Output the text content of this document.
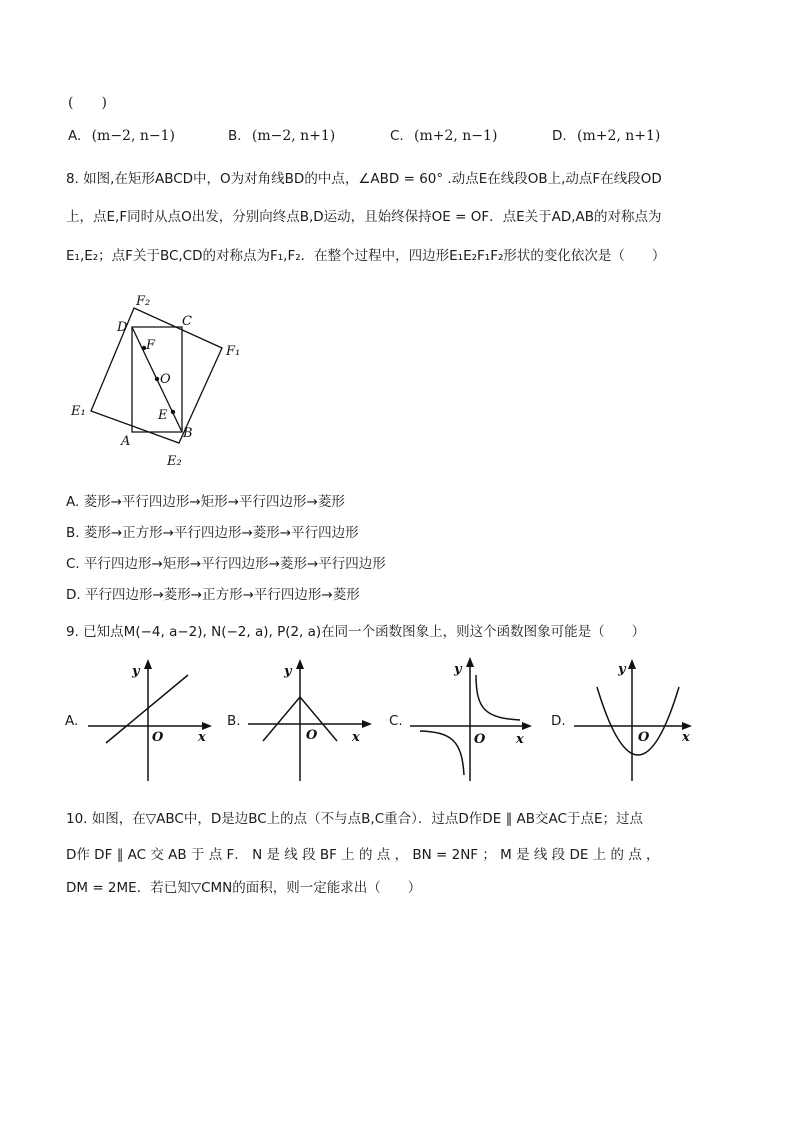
(　　)
A. (m−2, n−1)	B. (m−2, n+1)	C. (m+2, n−1)	D. (m+2, n+1)
8. 如图,在矩形ABCD中，O为对角线BD的中点，∠ABD = 60° .动点E在线段OB上,动点F在线段OD
上，点E,F同时从点O出发，分别向终点B,D运动，且始终保持OE = OF．点E关于AD,AB的对称点为
E₁,E₂；点F关于BC,CD的对称点为F₁,F₂．在整个过程中，四边形E₁E₂F₁F₂形状的变化依次是（　　）
F₂
D	C
F	F₁
O
E₁	E
A
B
E₂
A. 菱形→平行四边形→矩形→平行四边形→菱形
B. 菱形→正方形→平行四边形→菱形→平行四边形
C. 平行四边形→矩形→平行四边形→菱形→平行四边形
D. 平行四边形→菱形→正方形→平行四边形→菱形
9. 已知点M(−4, a−2), N(−2, a), P(2, a)在同一个函数图象上，则这个函数图象可能是（　　）
A.
y
x
O
B.
y
x
O
C.
y
x
O
D.
y
x
O
10. 如图，在▽ABC中，D是边BC上的点（不与点B,C重合）．过点D作DE ∥ AB交AC于点E；过点
D作 DF ∥ AC 交 AB 于 点 F． N 是 线 段 BF 上 的 点 ， BN = 2NF ； M 是 线 段 DE 上 的 点 ，
DM = 2ME．若已知▽CMN的面积，则一定能求出（　　）
